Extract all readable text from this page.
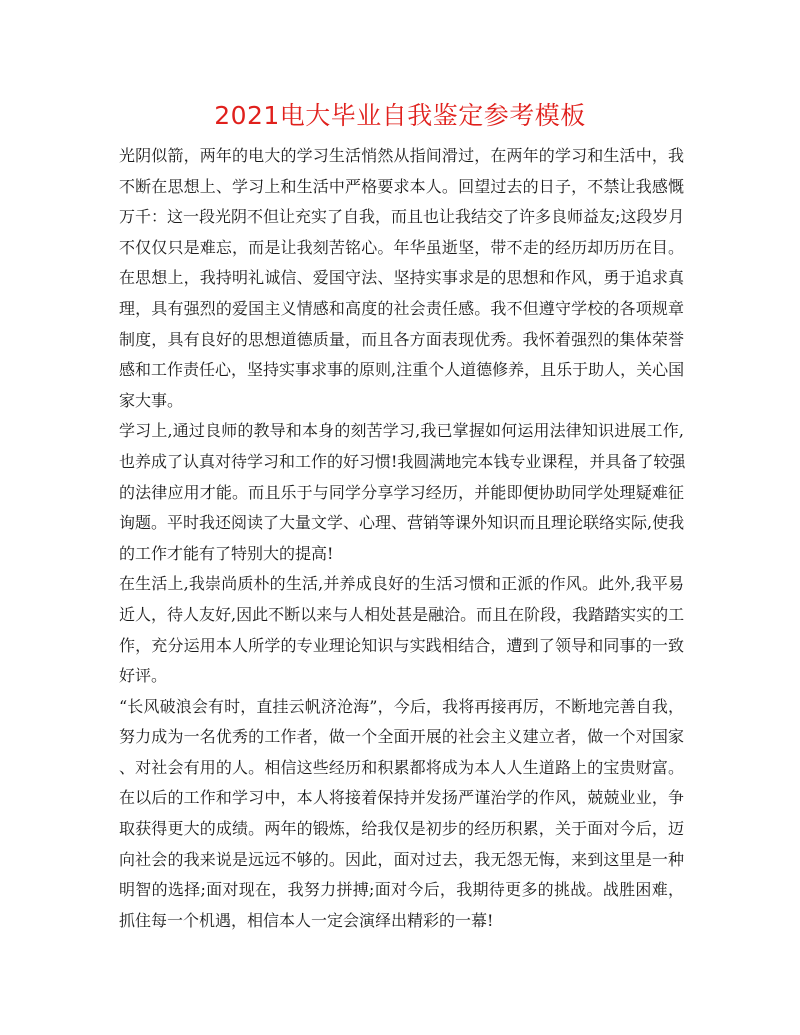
2021电大毕业自我鉴定参考模板
光阴似箭，两年的电大的学习生活悄然从指间滑过，在两年的学习和生活中，我
不断在思想上、学习上和生活中严格要求本人。回望过去的日子，不禁让我感慨
万千：这一段光阴不但让充实了自我，而且也让我结交了许多良师益友;这段岁月
不仅仅只是难忘，而是让我刻苦铭心。年华虽逝坚，带不走的经历却历历在目。
在思想上，我持明礼诚信、爱国守法、坚持实事求是的思想和作风，勇于追求真
理，具有强烈的爱国主义情感和高度的社会责任感。我不但遵守学校的各项规章
制度，具有良好的思想道德质量，而且各方面表现优秀。我怀着强烈的集体荣誉
感和工作责任心，坚持实事求事的原则,注重个人道德修养，且乐于助人，关心国
家大事。
学习上,通过良师的教导和本身的刻苦学习,我已掌握如何运用法律知识进展工作,
也养成了认真对待学习和工作的好习惯!我圆满地完本钱专业课程，并具备了较强
的法律应用才能。而且乐于与同学分享学习经历，并能即便协助同学处理疑难征
询题。平时我还阅读了大量文学、心理、营销等课外知识而且理论联络实际,使我
的工作才能有了特别大的提高!
在生活上,我崇尚质朴的生活,并养成良好的生活习惯和正派的作风。此外,我平易
近人，待人友好,因此不断以来与人相处甚是融洽。而且在阶段，我踏踏实实的工
作，充分运用本人所学的专业理论知识与实践相结合，遭到了领导和同事的一致
好评。
“长风破浪会有时，直挂云帆济沧海”，今后，我将再接再厉，不断地完善自我，
努力成为一名优秀的工作者，做一个全面开展的社会主义建立者，做一个对国家
、对社会有用的人。相信这些经历和积累都将成为本人人生道路上的宝贵财富。
在以后的工作和学习中，本人将接着保持并发扬严谨治学的作风，兢兢业业，争
取获得更大的成绩。两年的锻炼，给我仅是初步的经历积累，关于面对今后，迈
向社会的我来说是远远不够的。因此，面对过去，我无怨无悔，来到这里是一种
明智的选择;面对现在，我努力拼搏;面对今后，我期待更多的挑战。战胜困难，
抓住每一个机遇，相信本人一定会演绎出精彩的一幕!
